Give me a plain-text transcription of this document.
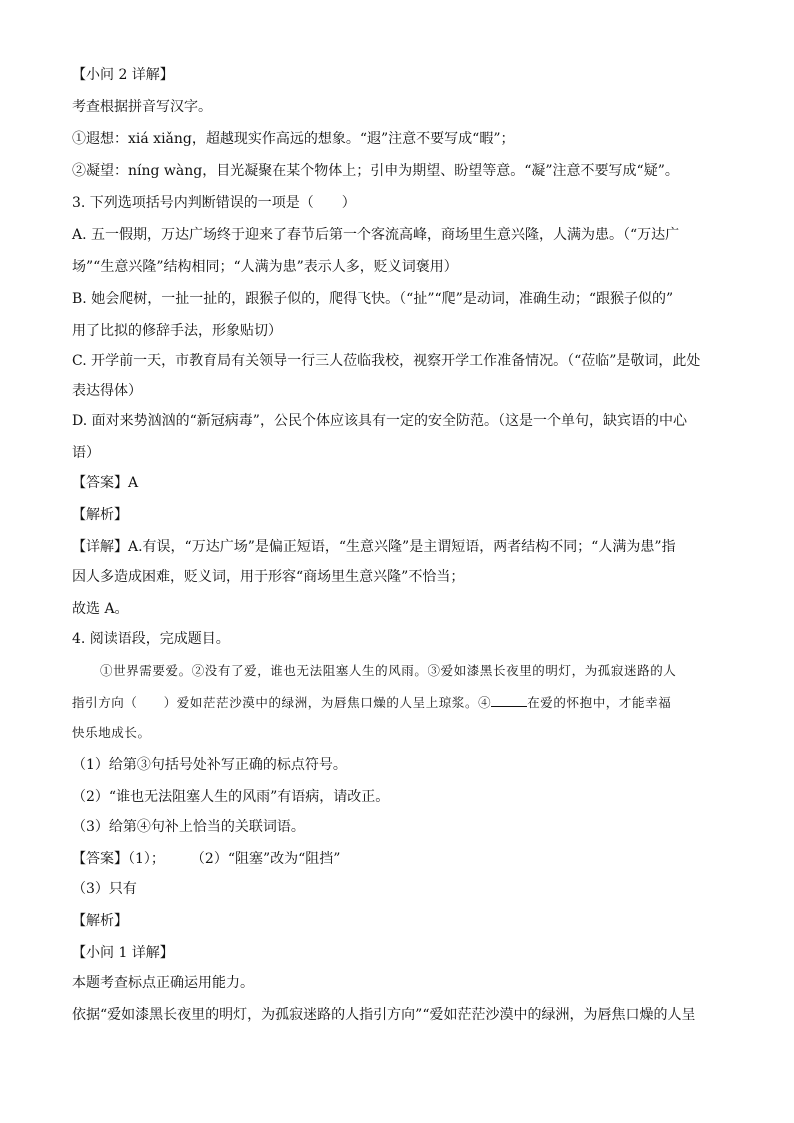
【小问 2 详解】
考查根据拼音写汉字。
①遐想：xiá xiǎng，超越现实作高远的想象。“遐”注意不要写成“暇”；
②凝望：níng wàng，目光凝聚在某个物体上；引申为期望、盼望等意。“凝”注意不要写成“疑”。
3. 下列选项括号内判断错误的一项是（　　）
A. 五一假期，万达广场终于迎来了春节后第一个客流高峰，商场里生意兴隆，人满为患。（“万达广
场”“生意兴隆”结构相同；“人满为患”表示人多，贬义词褒用）
B. 她会爬树，一扯一扯的，跟猴子似的，爬得飞快。（“扯”“爬”是动词，准确生动；“跟猴子似的”
用了比拟的修辞手法，形象贴切）
C. 开学前一天，市教育局有关领导一行三人莅临我校，视察开学工作准备情况。（“莅临”是敬词，此处
表达得体）
D. 面对来势汹汹的“新冠病毒”，公民个体应该具有一定的安全防范。（这是一个单句，缺宾语的中心
语）
【答案】A
【解析】
【详解】A.有误，“万达广场”是偏正短语，“生意兴隆”是主谓短语，两者结构不同；“人满为患”指
因人多造成困难，贬义词，用于形容“商场里生意兴隆”不恰当；
故选 A。
4. 阅读语段，完成题目。
①世界需要爱。②没有了爱，谁也无法阻塞人生的风雨。③爱如漆黑长夜里的明灯，为孤寂迷路的人
指引方向（　　）爱如茫茫沙漠中的绿洲，为唇焦口燥的人呈上琼浆。④	在爱的怀抱中，才能幸福
快乐地成长。
（1）给第③句括号处补写正确的标点符号。
（2）“谁也无法阻塞人生的风雨”有语病，请改正。
（3）给第④句补上恰当的关联词语。
【答案】（1）； （2）“阻塞”改为“阻挡”
（3）只有
【解析】
【小问 1 详解】
本题考查标点正确运用能力。
依据“爱如漆黑长夜里的明灯，为孤寂迷路的人指引方向”“爱如茫茫沙漠中的绿洲，为唇焦口燥的人呈
